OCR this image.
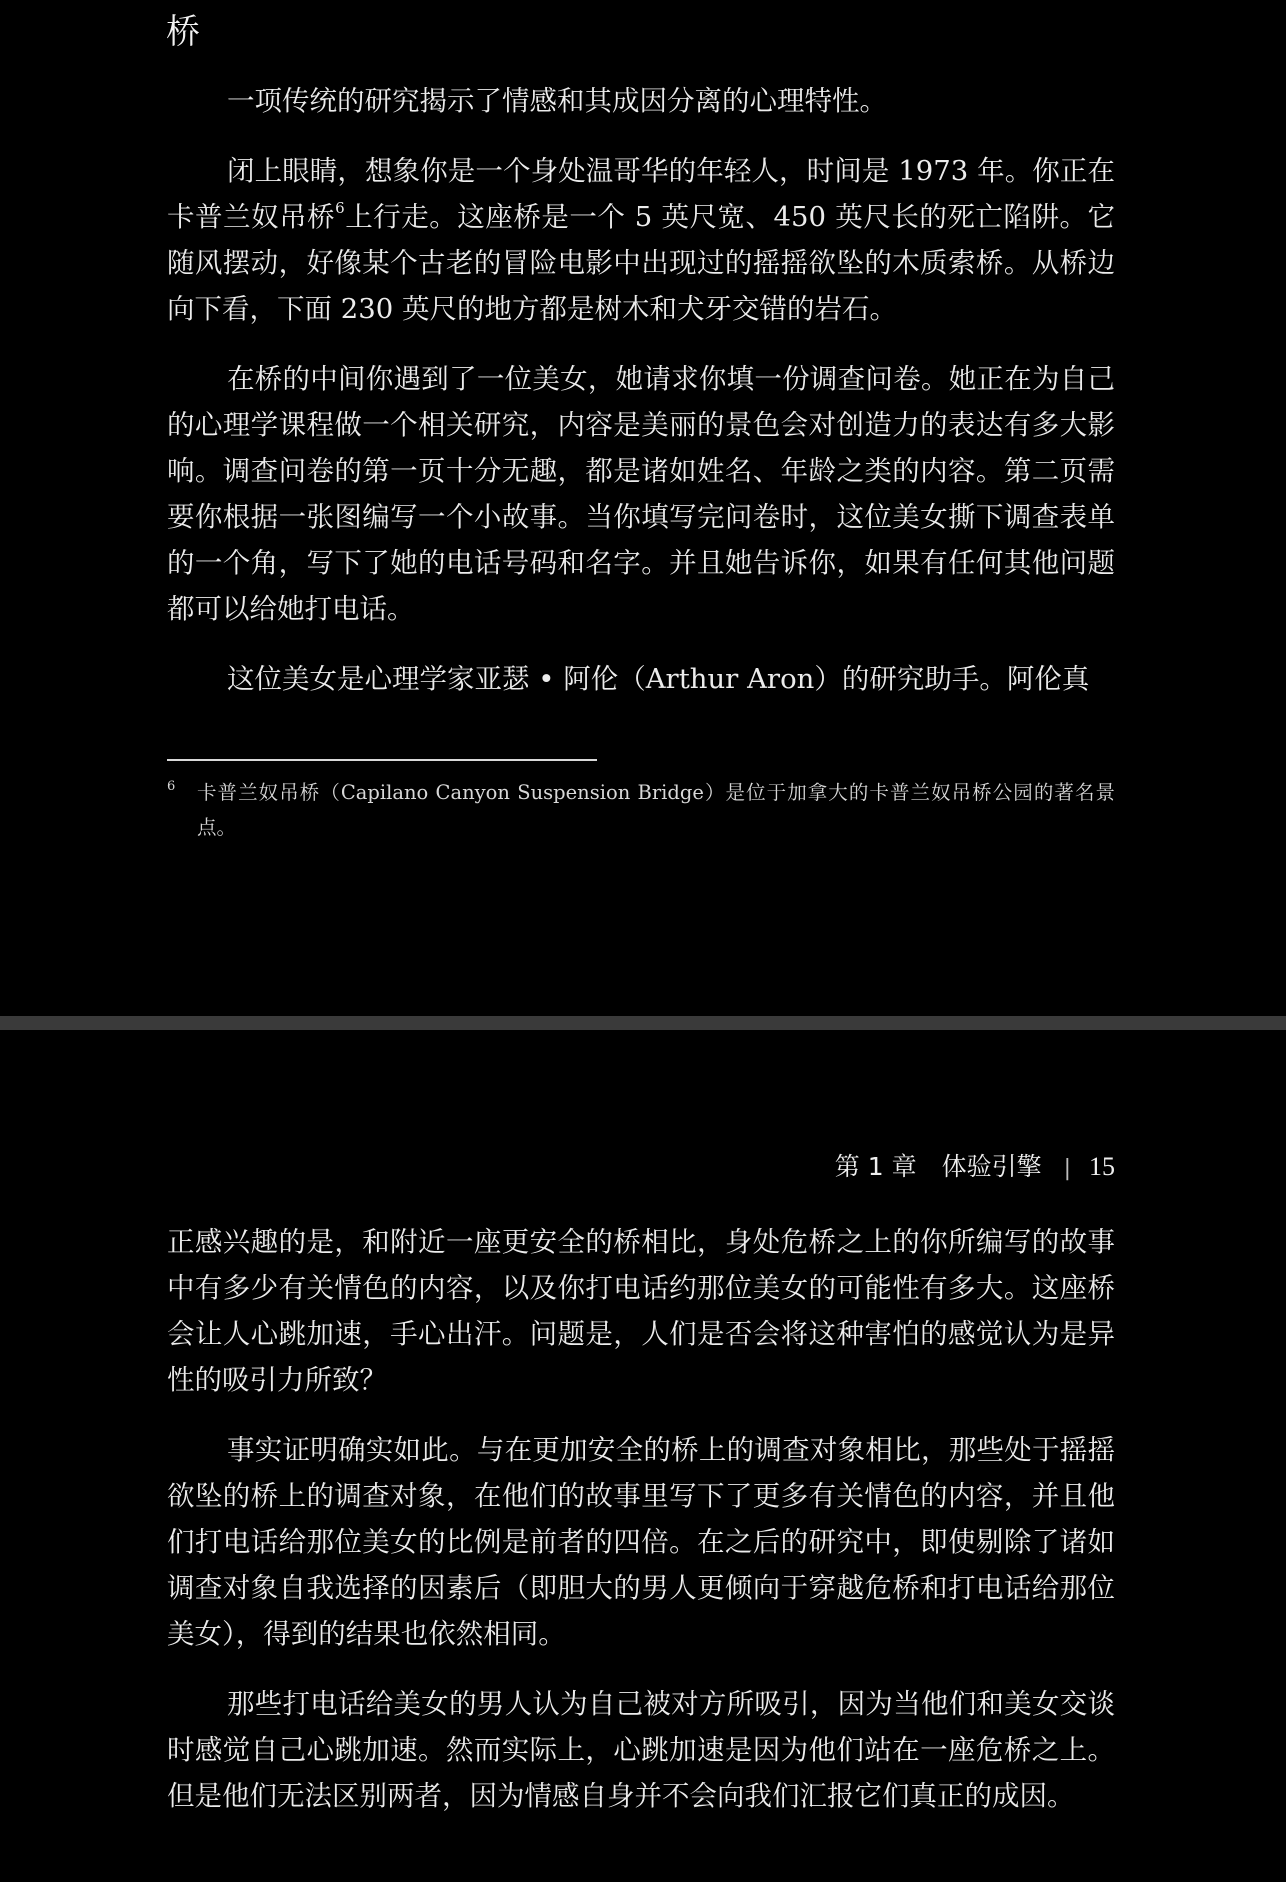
桥

一项传统的研究揭示了情感和其成因分离的心理特性。

闭上眼睛，想象你是一个身处温哥华的年轻人，时间是 1973 年。你正在卡普兰奴吊桥$^6$上行走。这座桥是一个 5 英尺宽、450 英尺长的死亡陷阱。它随风摆动，好像某个古老的冒险电影中出现过的摇摇欲坠的木质索桥。从桥边向下看，下面 230 英尺的地方都是树木和犬牙交错的岩石。

在桥的中间你遇到了一位美女，她请求你填一份调查问卷。她正在为自己的心理学课程做一个相关研究，内容是美丽的景色会对创造力的表达有多大影响。调查问卷的第一页十分无趣，都是诸如姓名、年龄之类的内容。第二页需要你根据一张图编写一个小故事。当你填写完问卷时，这位美女撕下调查表单的一个角，写下了她的电话号码和名字。并且她告诉你，如果有任何其他问题都可以给她打电话。

这位美女是心理学家亚瑟 • 阿伦（Arthur Aron）的研究助手。阿伦真

6 卡普兰奴吊桥（Capilano Canyon Suspension Bridge）是位于加拿大的卡普兰奴吊桥公园的著名景点。
第 1 章　体验引擎 | 15

正感兴趣的是，和附近一座更安全的桥相比，身处危桥之上的你所编写的故事中有多少有关情色的内容，以及你打电话约那位美女的可能性有多大。这座桥会让人心跳加速，手心出汗。问题是，人们是否会将这种害怕的感觉认为是异性的吸引力所致？

事实证明确实如此。与在更加安全的桥上的调查对象相比，那些处于摇摇欲坠的桥上的调查对象，在他们的故事里写下了更多有关情色的内容，并且他们打电话给那位美女的比例是前者的四倍。在之后的研究中，即使剔除了诸如调查对象自我选择的因素后（即胆大的男人更倾向于穿越危桥和打电话给那位美女），得到的结果也依然相同。

那些打电话给美女的男人认为自己被对方所吸引，因为当他们和美女交谈时感觉自己心跳加速。然而实际上，心跳加速是因为他们站在一座危桥之上。但是他们无法区别两者，因为情感自身并不会向我们汇报它们真正的成因。
